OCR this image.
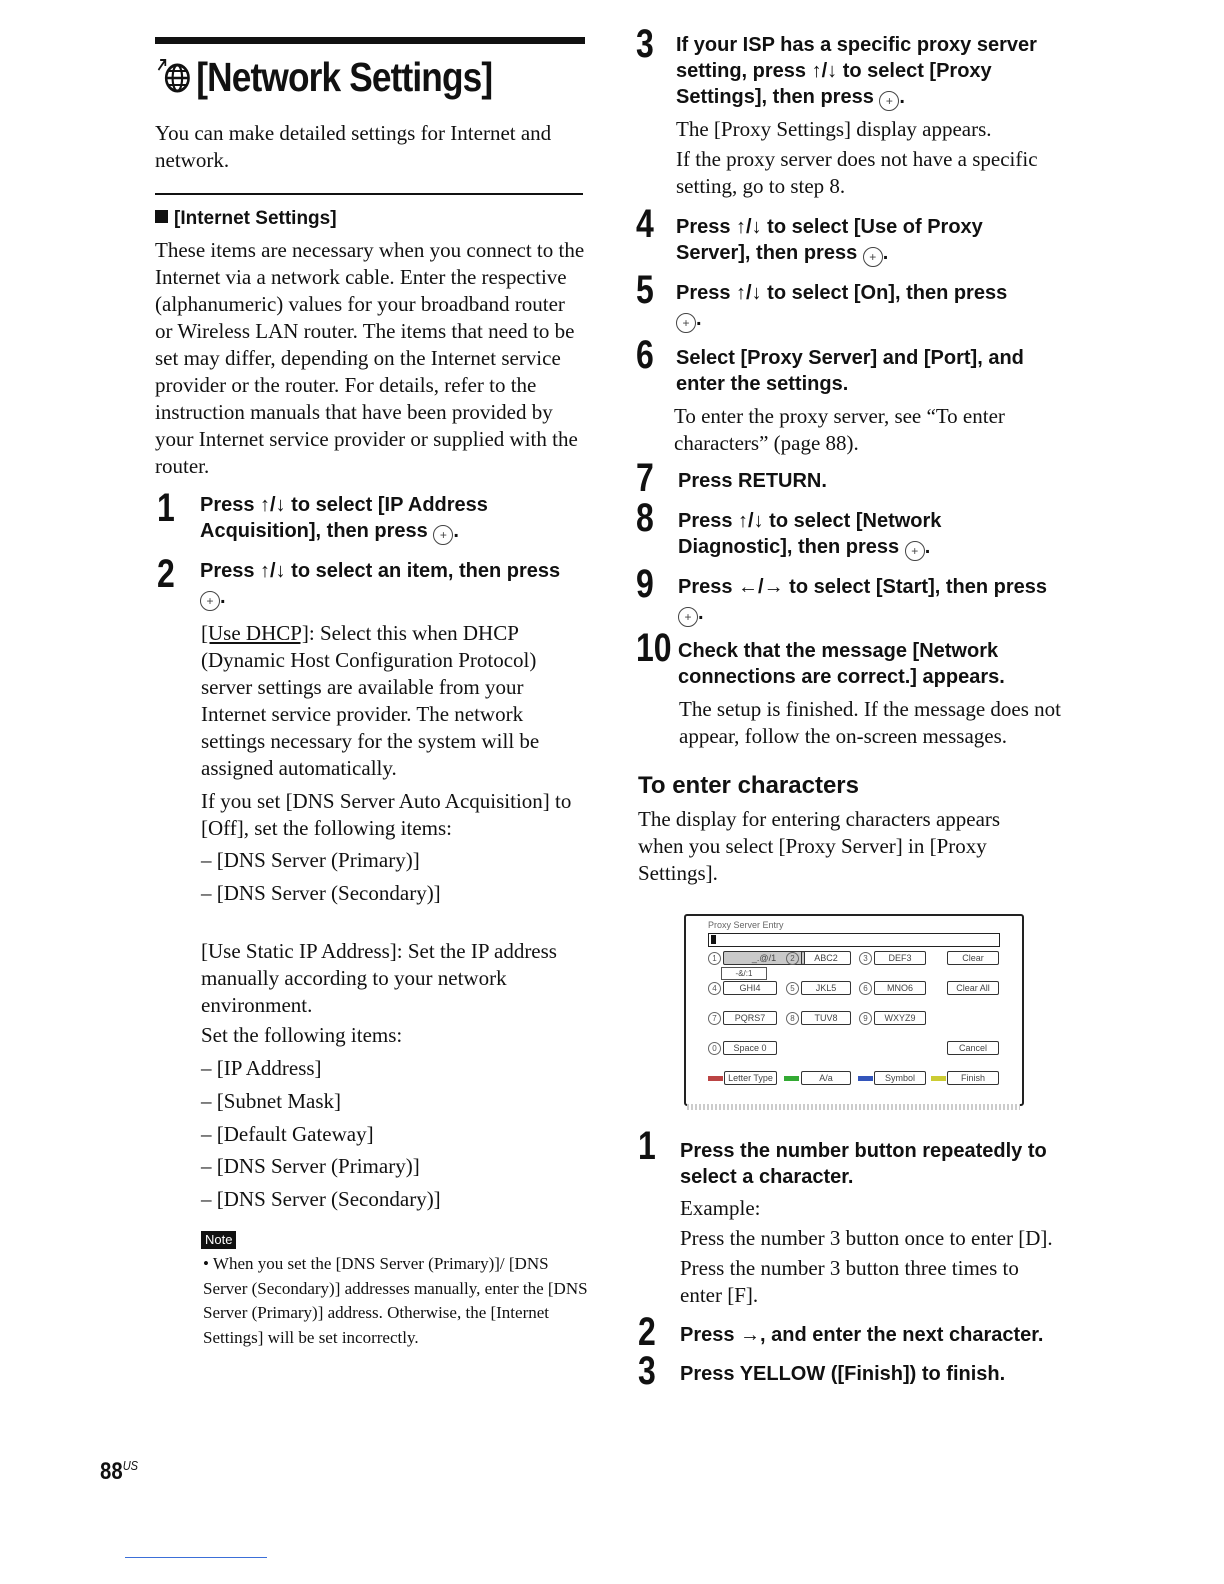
[Network Settings]
You can make detailed settings for Internet and network.
[Internet Settings]
These items are necessary when you connect to the Internet via a network cable. Enter the respective (alphanumeric) values for your broadband router or Wireless LAN router. The items that need to be set may differ, depending on the Internet service provider or the router. For details, refer to the instruction manuals that have been provided by your Internet service provider or supplied with the router.
1 Press ↑/↓ to select [IP Address Acquisition], then press + .
2 Press ↑/↓ to select an item, then press
+ .
[Use DHCP]: Select this when DHCP (Dynamic Host Configuration Protocol) server settings are available from your Internet service provider. The network settings necessary for the system will be assigned automatically.
If you set [DNS Server Auto Acquisition] to [Off], set the following items:
– [DNS Server (Primary)]
– [DNS Server (Secondary)]
[Use Static IP Address]: Set the IP address manually according to your network environment.
Set the following items:
– [IP Address]
– [Subnet Mask]
– [Default Gateway]
– [DNS Server (Primary)]
– [DNS Server (Secondary)]
Note
• When you set the [DNS Server (Primary)]/ [DNS Server (Secondary)] addresses manually, enter the [DNS Server (Primary)] address. Otherwise, the [Internet Settings] will be set incorrectly.
3 If your ISP has a specific proxy server setting, press ↑/↓ to select [Proxy Settings], then press + .
The [Proxy Settings] display appears.
If the proxy server does not have a specific setting, go to step 8.
4 Press ↑/↓ to select [Use of Proxy Server], then press + .
5 Press ↑/↓ to select [On], then press
+ .
6 Select [Proxy Server] and [Port], and enter the settings.
To enter the proxy server, see “To enter characters” (page 88).
7 Press RETURN.
8 Press ↑/↓ to select [Network Diagnostic], then press + .
9 Press ←/→ to select [Start], then press
+ .
10 Check that the message [Network connections are correct.] appears.
The setup is finished. If the message does not appear, follow the on-screen messages.
To enter characters
The display for entering characters appears when you select [Proxy Server] in [Proxy Settings].
Proxy Server Entry
1	_.@/1	2	ABC2	3	DEF3	Clear
-&/:1
4	GHI4	5	JKL5	6	MNO6	Clear All
7	PQRS7	8	TUV8	9	WXYZ9
0	Space 0	Cancel
Letter Type	A/a	Symbol	Finish
1 Press the number button repeatedly to select a character.
Example:
Press the number 3 button once to enter [D].
Press the number 3 button three times to enter [F].
2 Press →, and enter the next character.
3 Press YELLOW ([Finish]) to finish.
$88^{US}$
